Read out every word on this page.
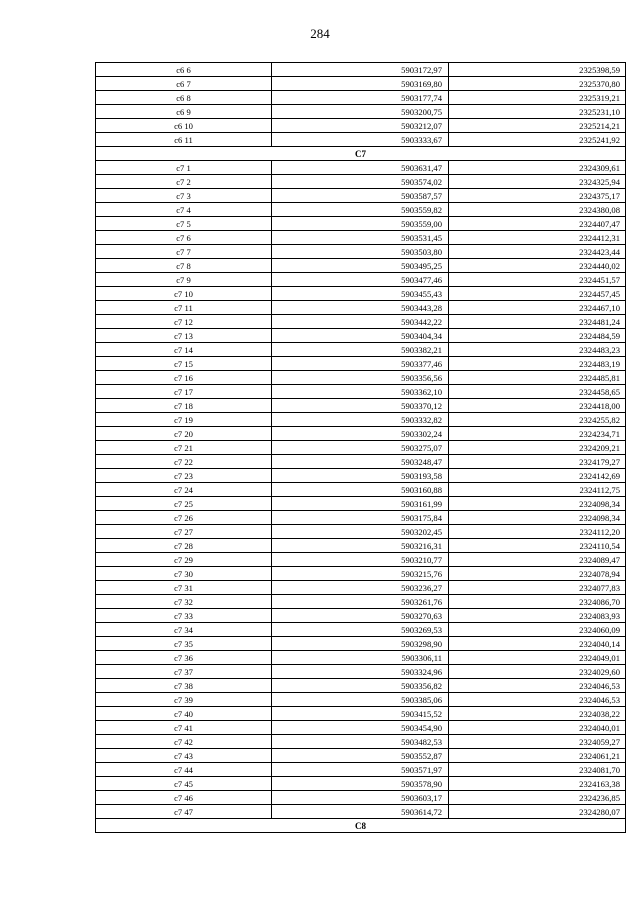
284
с6 6	5903172,97	2325398,59
с6 7	5903169,80	2325370,80
с6 8	5903177,74	2325319,21
с6 9	5903200,75	2325231,10
с6 10	5903212,07	2325214,21
с6 11	5903333,67	2325241,92
C7		
с7 1	5903631,47	2324309,61
с7 2	5903574,02	2324325,94
с7 3	5903587,57	2324375,17
с7 4	5903559,82	2324380,08
с7 5	5903559,00	2324407,47
с7 6	5903531,45	2324412,31
с7 7	5903503,80	2324423,44
с7 8	5903495,25	2324440,02
с7 9	5903477,46	2324451,57
с7 10	5903455,43	2324457,45
с7 11	5903443,28	2324467,10
с7 12	5903442,22	2324481,24
с7 13	5903404,34	2324484,59
с7 14	5903382,21	2324483,23
с7 15	5903377,46	2324483,19
с7 16	5903356,56	2324485,81
с7 17	5903362,10	2324458,65
с7 18	5903370,12	2324418,00
с7 19	5903332,82	2324255,82
с7 20	5903302,24	2324234,71
с7 21	5903275,07	2324209,21
с7 22	5903248,47	2324179,27
с7 23	5903193,58	2324142,69
с7 24	5903160,88	2324112,75
с7 25	5903161,99	2324098,34
с7 26	5903175,84	2324098,34
с7 27	5903202,45	2324112,20
с7 28	5903216,31	2324110,54
с7 29	5903210,77	2324089,47
с7 30	5903215,76	2324078,94
с7 31	5903236,27	2324077,83
с7 32	5903261,76	2324086,70
с7 33	5903270,63	2324083,93
с7 34	5903269,53	2324060,09
с7 35	5903298,90	2324040,14
с7 36	5903306,11	2324049,01
с7 37	5903324,96	2324029,60
с7 38	5903356,82	2324046,53
с7 39	5903385,06	2324046,53
с7 40	5903415,52	2324038,22
с7 41	5903454,90	2324040,01
с7 42	5903482,53	2324059,27
с7 43	5903552,87	2324061,21
с7 44	5903571,97	2324081,70
с7 45	5903578,90	2324163,38
с7 46	5903603,17	2324236,85
с7 47	5903614,72	2324280,07
C8		
